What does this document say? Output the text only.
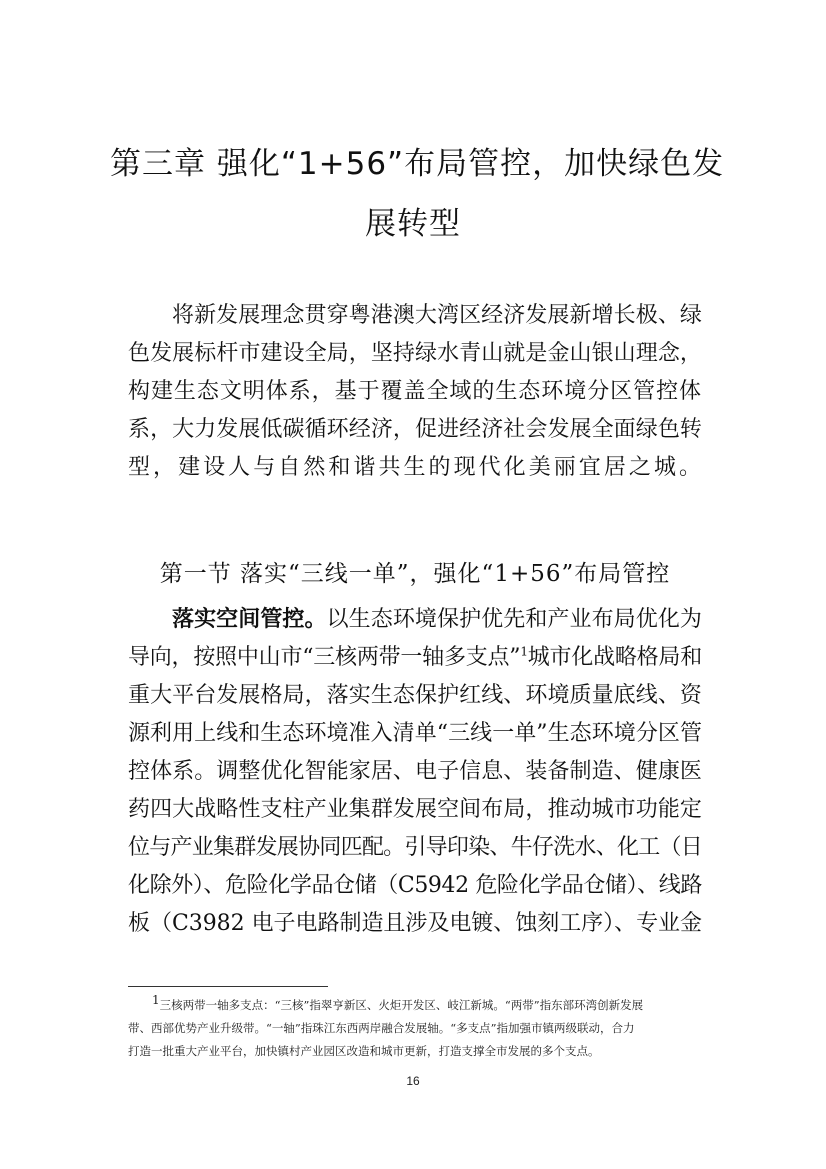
第三章 强化“1+56”布局管控，加快绿色发
展转型

将新发展理念贯穿粤港澳大湾区经济发展新增长极、绿
色发展标杆市建设全局，坚持绿水青山就是金山银山理念，
构建生态文明体系，基于覆盖全域的生态环境分区管控体
系，大力发展低碳循环经济，促进经济社会发展全面绿色转
型，建设人与自然和谐共生的现代化美丽宜居之城。

第一节 落实“三线一单”，强化“1+56”布局管控

落实空间管控。以生态环境保护优先和产业布局优化为
导向，按照中山市“三核两带一轴多支点”$^1$城市化战略格局和
重大平台发展格局，落实生态保护红线、环境质量底线、资
源利用上线和生态环境准入清单“三线一单”生态环境分区管
控体系。调整优化智能家居、电子信息、装备制造、健康医
药四大战略性支柱产业集群发展空间布局，推动城市功能定
位与产业集群发展协同匹配。引导印染、牛仔洗水、化工（日
化除外）、危险化学品仓储（C5942 危险化学品仓储）、线路
板（C3982 电子电路制造且涉及电镀、蚀刻工序）、专业金

$^1$三核两带一轴多支点：“三核”指翠亨新区、火炬开发区、岐江新城。“两带”指东部环湾创新发展
带、西部优势产业升级带。“一轴”指珠江东西两岸融合发展轴。“多支点”指加强市镇两级联动，合力
打造一批重大产业平台，加快镇村产业园区改造和城市更新，打造支撑全市发展的多个支点。
16
